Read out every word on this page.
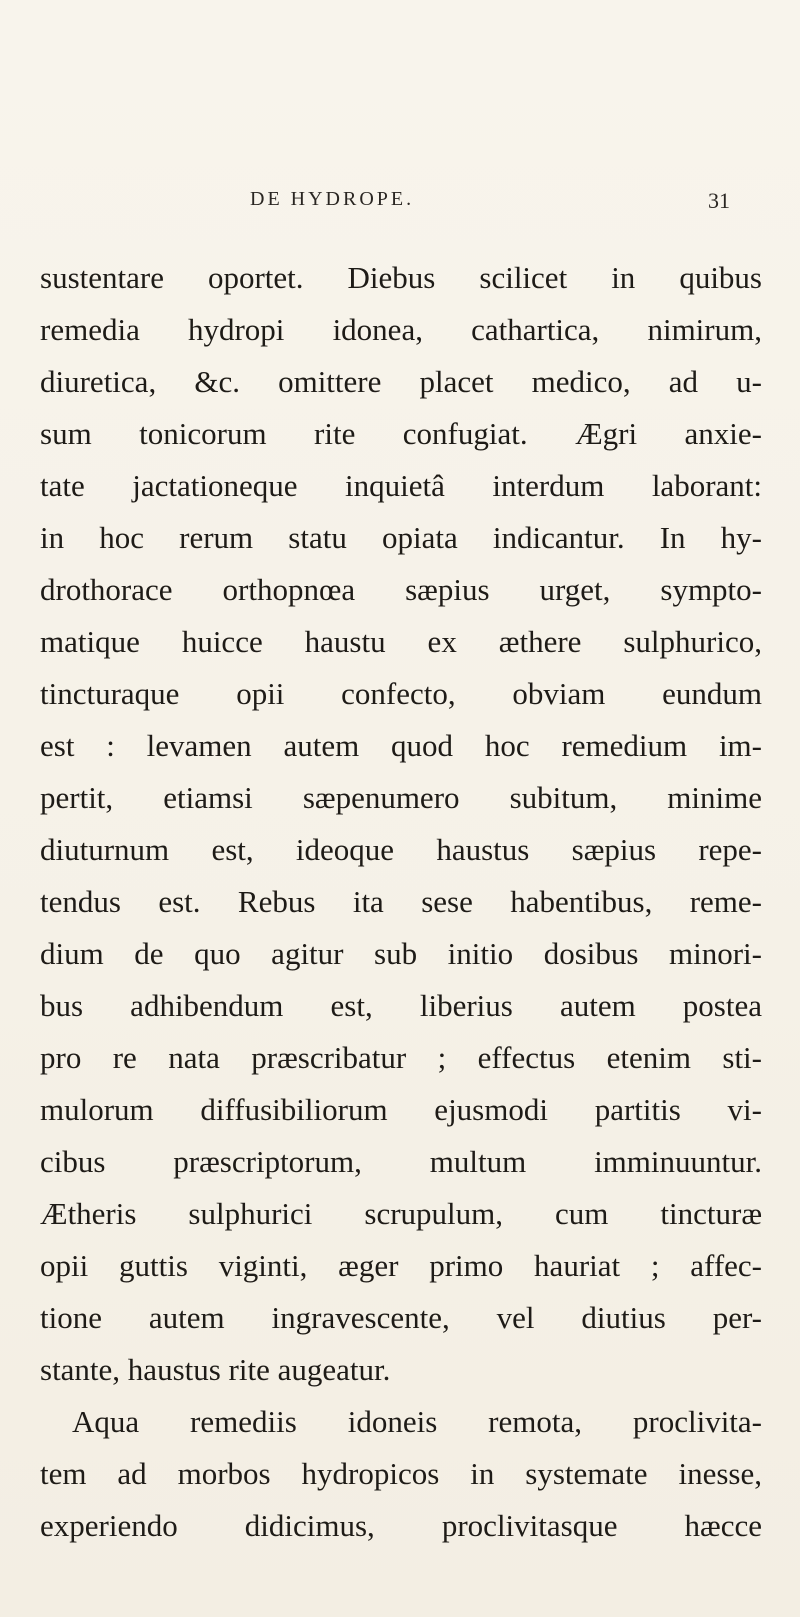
DE HYDROPE.	31
sustentare oportet. Diebus scilicet in quibus
remedia hydropi idonea, cathartica, nimirum,
diuretica, &c. omittere placet medico, ad u-
sum tonicorum rite confugiat. Ægri anxie-
tate jactationeque inquietâ interdum laborant:
in hoc rerum statu opiata indicantur. In hy-
drothorace orthopnœa sæpius urget, sympto-
matique huicce haustu ex æthere sulphurico,
tincturaque opii confecto, obviam eundum
est : levamen autem quod hoc remedium im-
pertit, etiamsi sæpenumero subitum, minime
diuturnum est, ideoque haustus sæpius repe-
tendus est. Rebus ita sese habentibus, reme-
dium de quo agitur sub initio dosibus minori-
bus adhibendum est, liberius autem postea
pro re nata præscribatur ; effectus etenim sti-
mulorum diffusibiliorum ejusmodi partitis vi-
cibus præscriptorum, multum imminuuntur.
Ætheris sulphurici scrupulum, cum tincturæ
opii guttis viginti, æger primo hauriat ; affec-
tione autem ingravescente, vel diutius per-
stante, haustus rite augeatur.
Aqua remediis idoneis remota, proclivita-
tem ad morbos hydropicos in systemate inesse,
experiendo didicimus, proclivitasque hæcce
